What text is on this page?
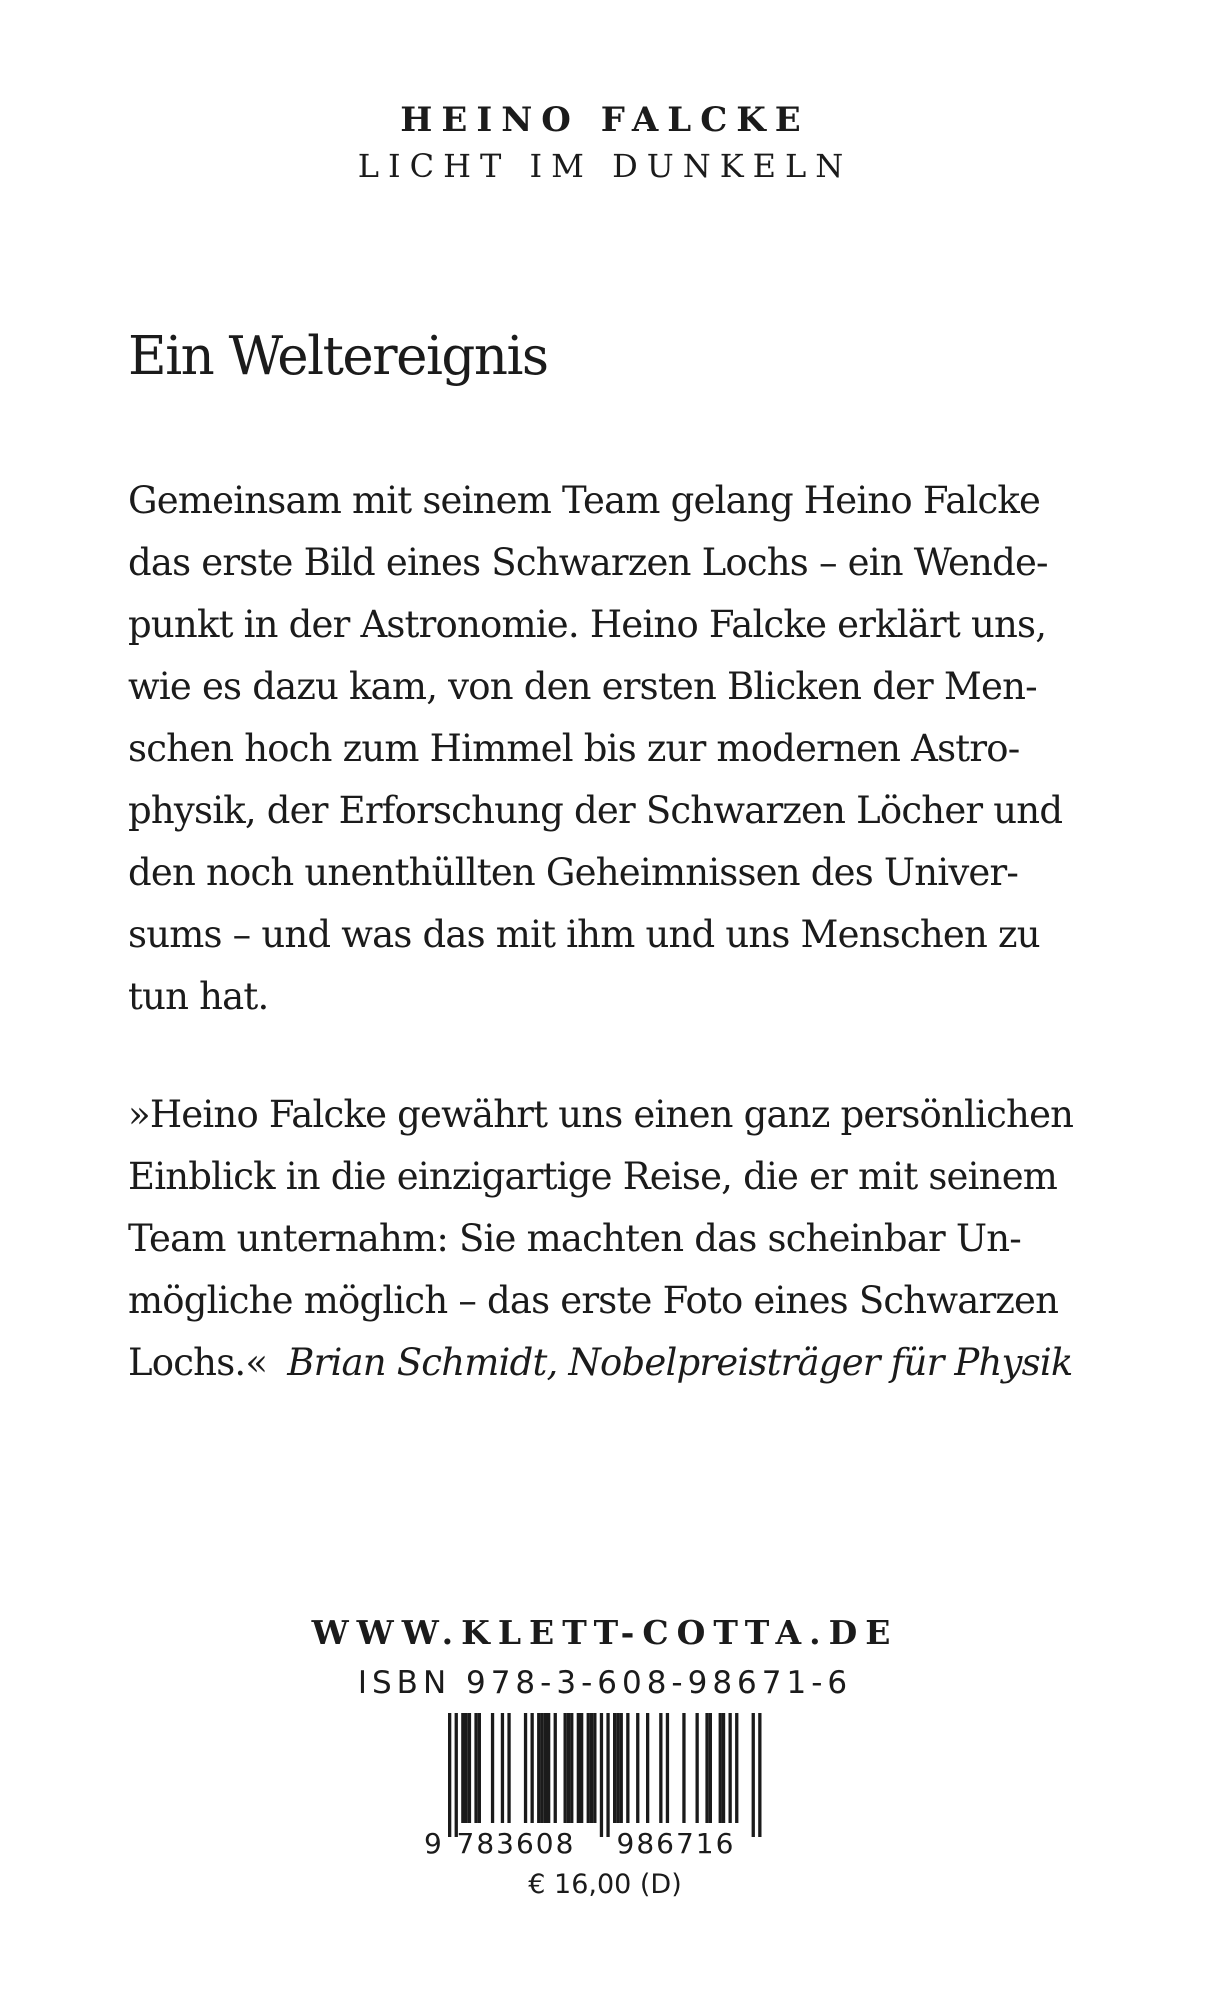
HEINO FALCKE
LICHT IM DUNKELN
Ein Weltereignis
Gemeinsam mit seinem Team gelang Heino Falcke
das erste Bild eines Schwarzen Lochs – ein Wende-
punkt in der Astronomie. Heino Falcke erklärt uns,
wie es dazu kam, von den ersten Blicken der Men-
schen hoch zum Himmel bis zur modernen Astro-
physik, der Erforschung der Schwarzen Löcher und
den noch unenthüllten Geheimnissen des Univer-
sums – und was das mit ihm und uns Menschen zu
tun hat.
»Heino Falcke gewährt uns einen ganz persönlichen
Einblick in die einzigartige Reise, die er mit seinem
Team unternahm: Sie machten das scheinbar Un-
mögliche möglich – das erste Foto eines Schwarzen
Lochs.« Brian Schmidt, Nobelpreisträger für Physik
WWW.KLETT-COTTA.DE
ISBN 978-3-608-98671-6
9 783608 986716
€ 16,00 (D)
